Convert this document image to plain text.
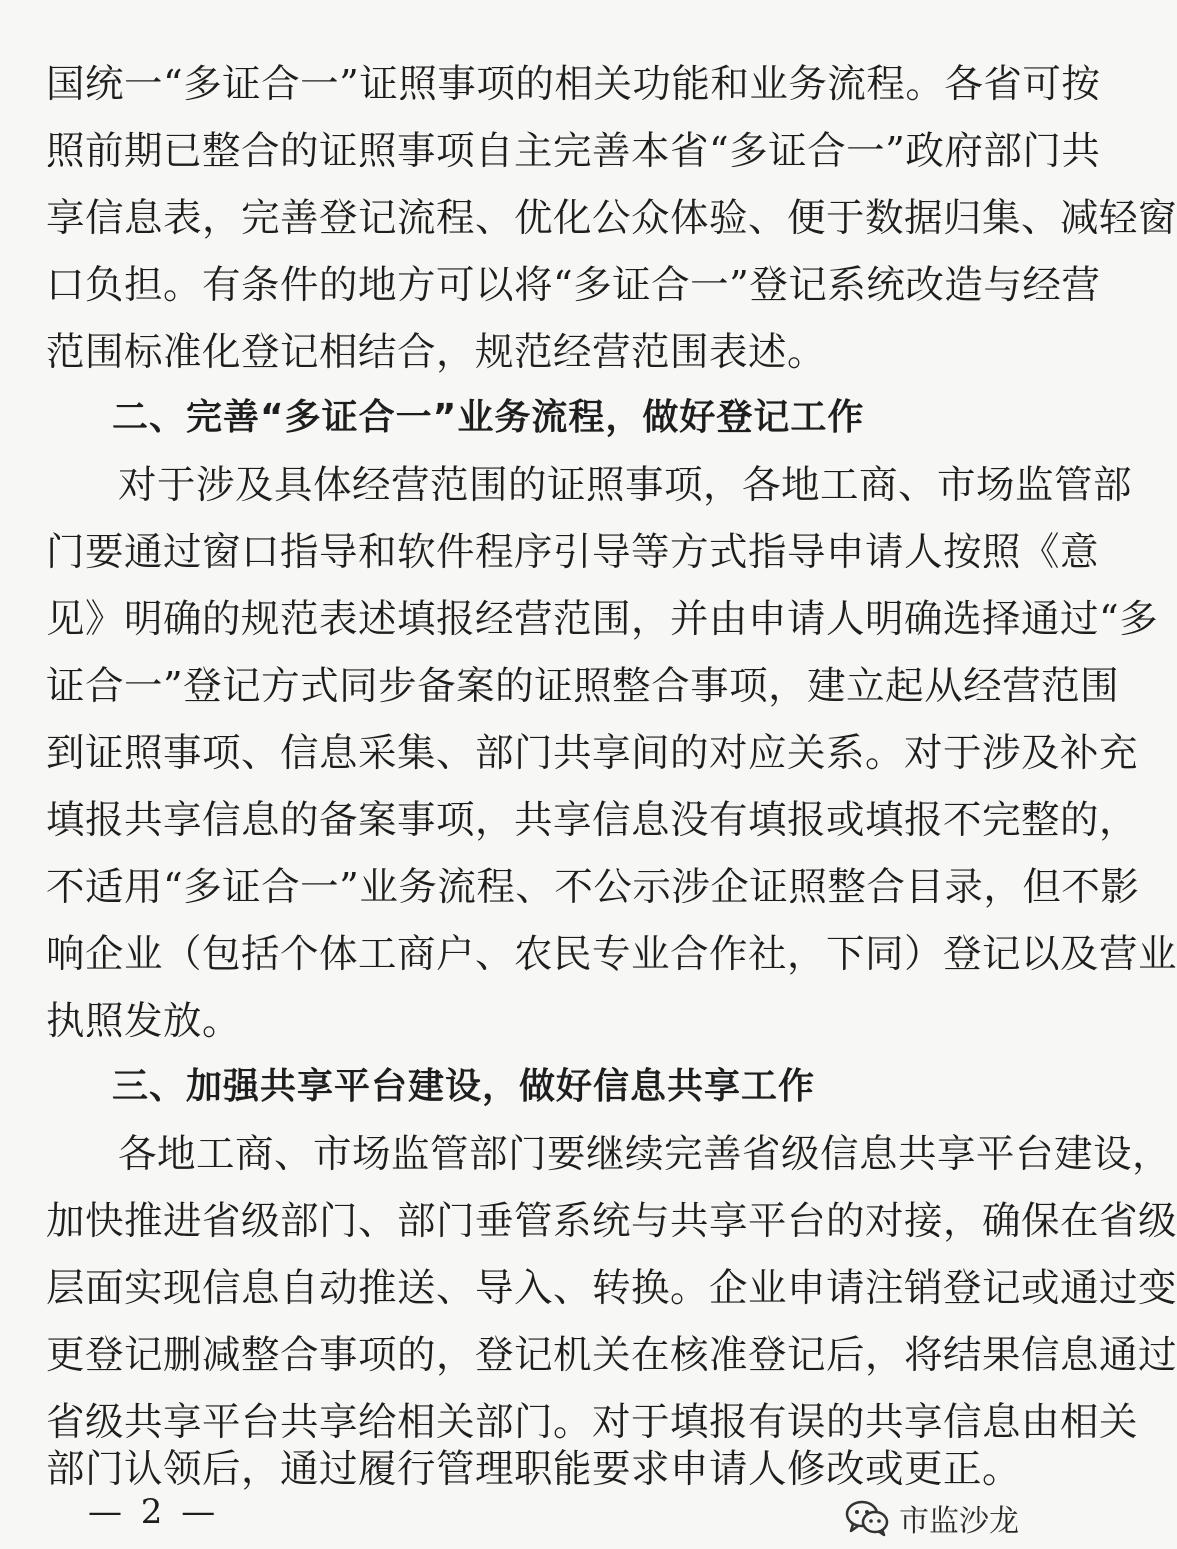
国统一“多证合一”证照事项的相关功能和业务流程。各省可按
照前期已整合的证照事项自主完善本省“多证合一”政府部门共
享信息表，完善登记流程、优化公众体验、便于数据归集、减轻窗
口负担。有条件的地方可以将“多证合一”登记系统改造与经营
范围标准化登记相结合，规范经营范围表述。
二、完善“多证合一”业务流程，做好登记工作
对于涉及具体经营范围的证照事项，各地工商、市场监管部
门要通过窗口指导和软件程序引导等方式指导申请人按照《意
见》明确的规范表述填报经营范围，并由申请人明确选择通过“多
证合一”登记方式同步备案的证照整合事项，建立起从经营范围
到证照事项、信息采集、部门共享间的对应关系。对于涉及补充
填报共享信息的备案事项，共享信息没有填报或填报不完整的，
不适用“多证合一”业务流程、不公示涉企证照整合目录，但不影
响企业（包括个体工商户、农民专业合作社，下同）登记以及营业
执照发放。
三、加强共享平台建设，做好信息共享工作
各地工商、市场监管部门要继续完善省级信息共享平台建设，
加快推进省级部门、部门垂管系统与共享平台的对接，确保在省级
层面实现信息自动推送、导入、转换。企业申请注销登记或通过变
更登记删减整合事项的，登记机关在核准登记后，将结果信息通过
省级共享平台共享给相关部门。对于填报有误的共享信息由相关
部门认领后，通过履行管理职能要求申请人修改或更正。
— 2 —	市监沙龙
